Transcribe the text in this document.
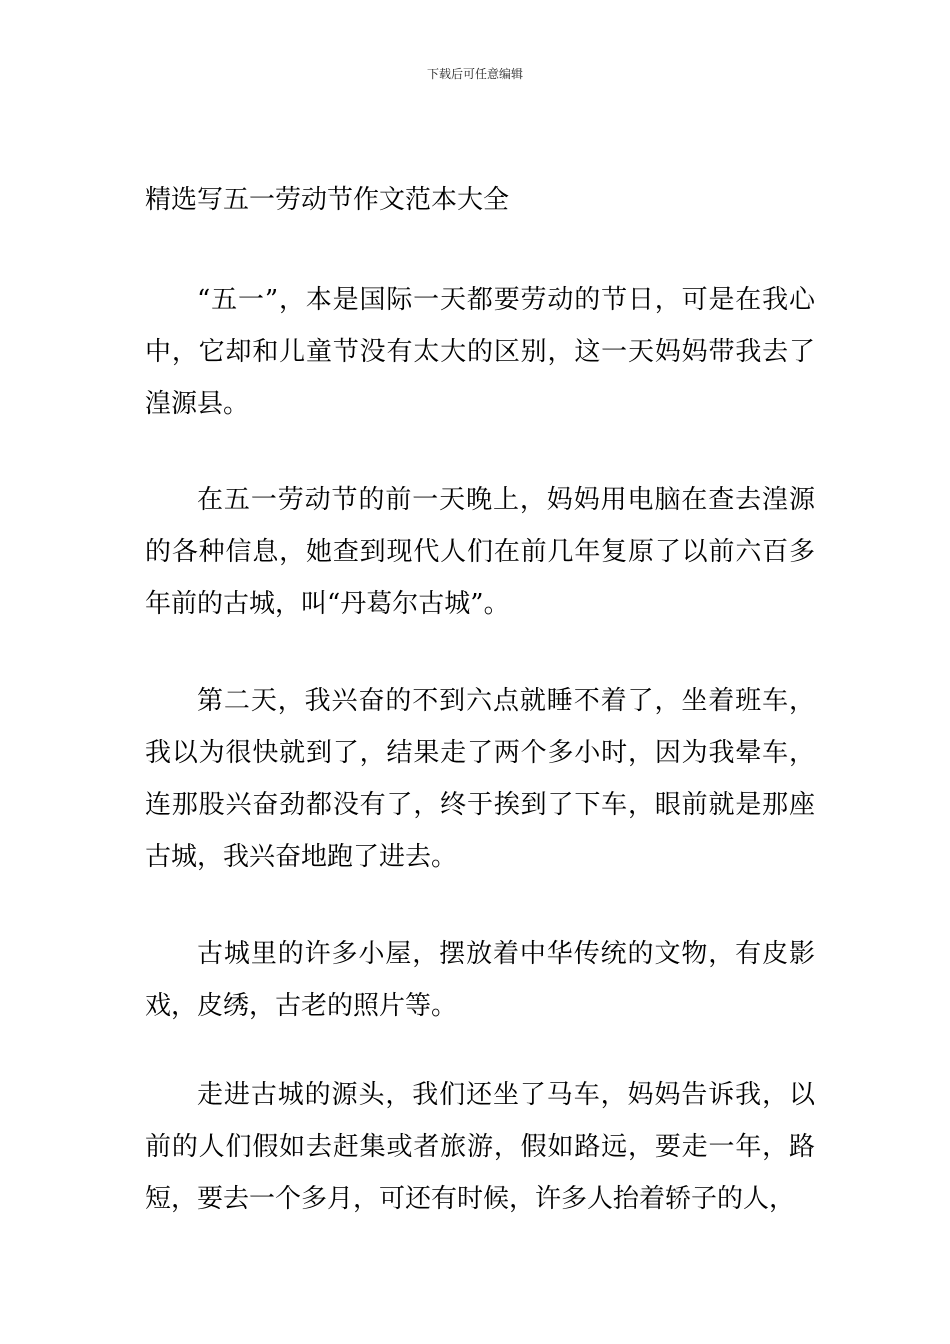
下载后可任意编辑
精选写五一劳动节作文范本大全

“五一”，本是国际一天都要劳动的节日，可是在我心中，它却和儿童节没有太大的区别，这一天妈妈带我去了湟源县。

在五一劳动节的前一天晚上，妈妈用电脑在查去湟源的各种信息，她查到现代人们在前几年复原了以前六百多年前的古城，叫“丹葛尔古城”。

第二天，我兴奋的不到六点就睡不着了，坐着班车，我以为很快就到了，结果走了两个多小时，因为我晕车，连那股兴奋劲都没有了，终于挨到了下车，眼前就是那座古城，我兴奋地跑了进去。

古城里的许多小屋，摆放着中华传统的文物，有皮影戏，皮绣，古老的照片等。

走进古城的源头，我们还坐了马车，妈妈告诉我，以前的人们假如去赶集或者旅游，假如路远，要走一年，路短，要去一个多月，可还有时候，许多人抬着轿子的人，
